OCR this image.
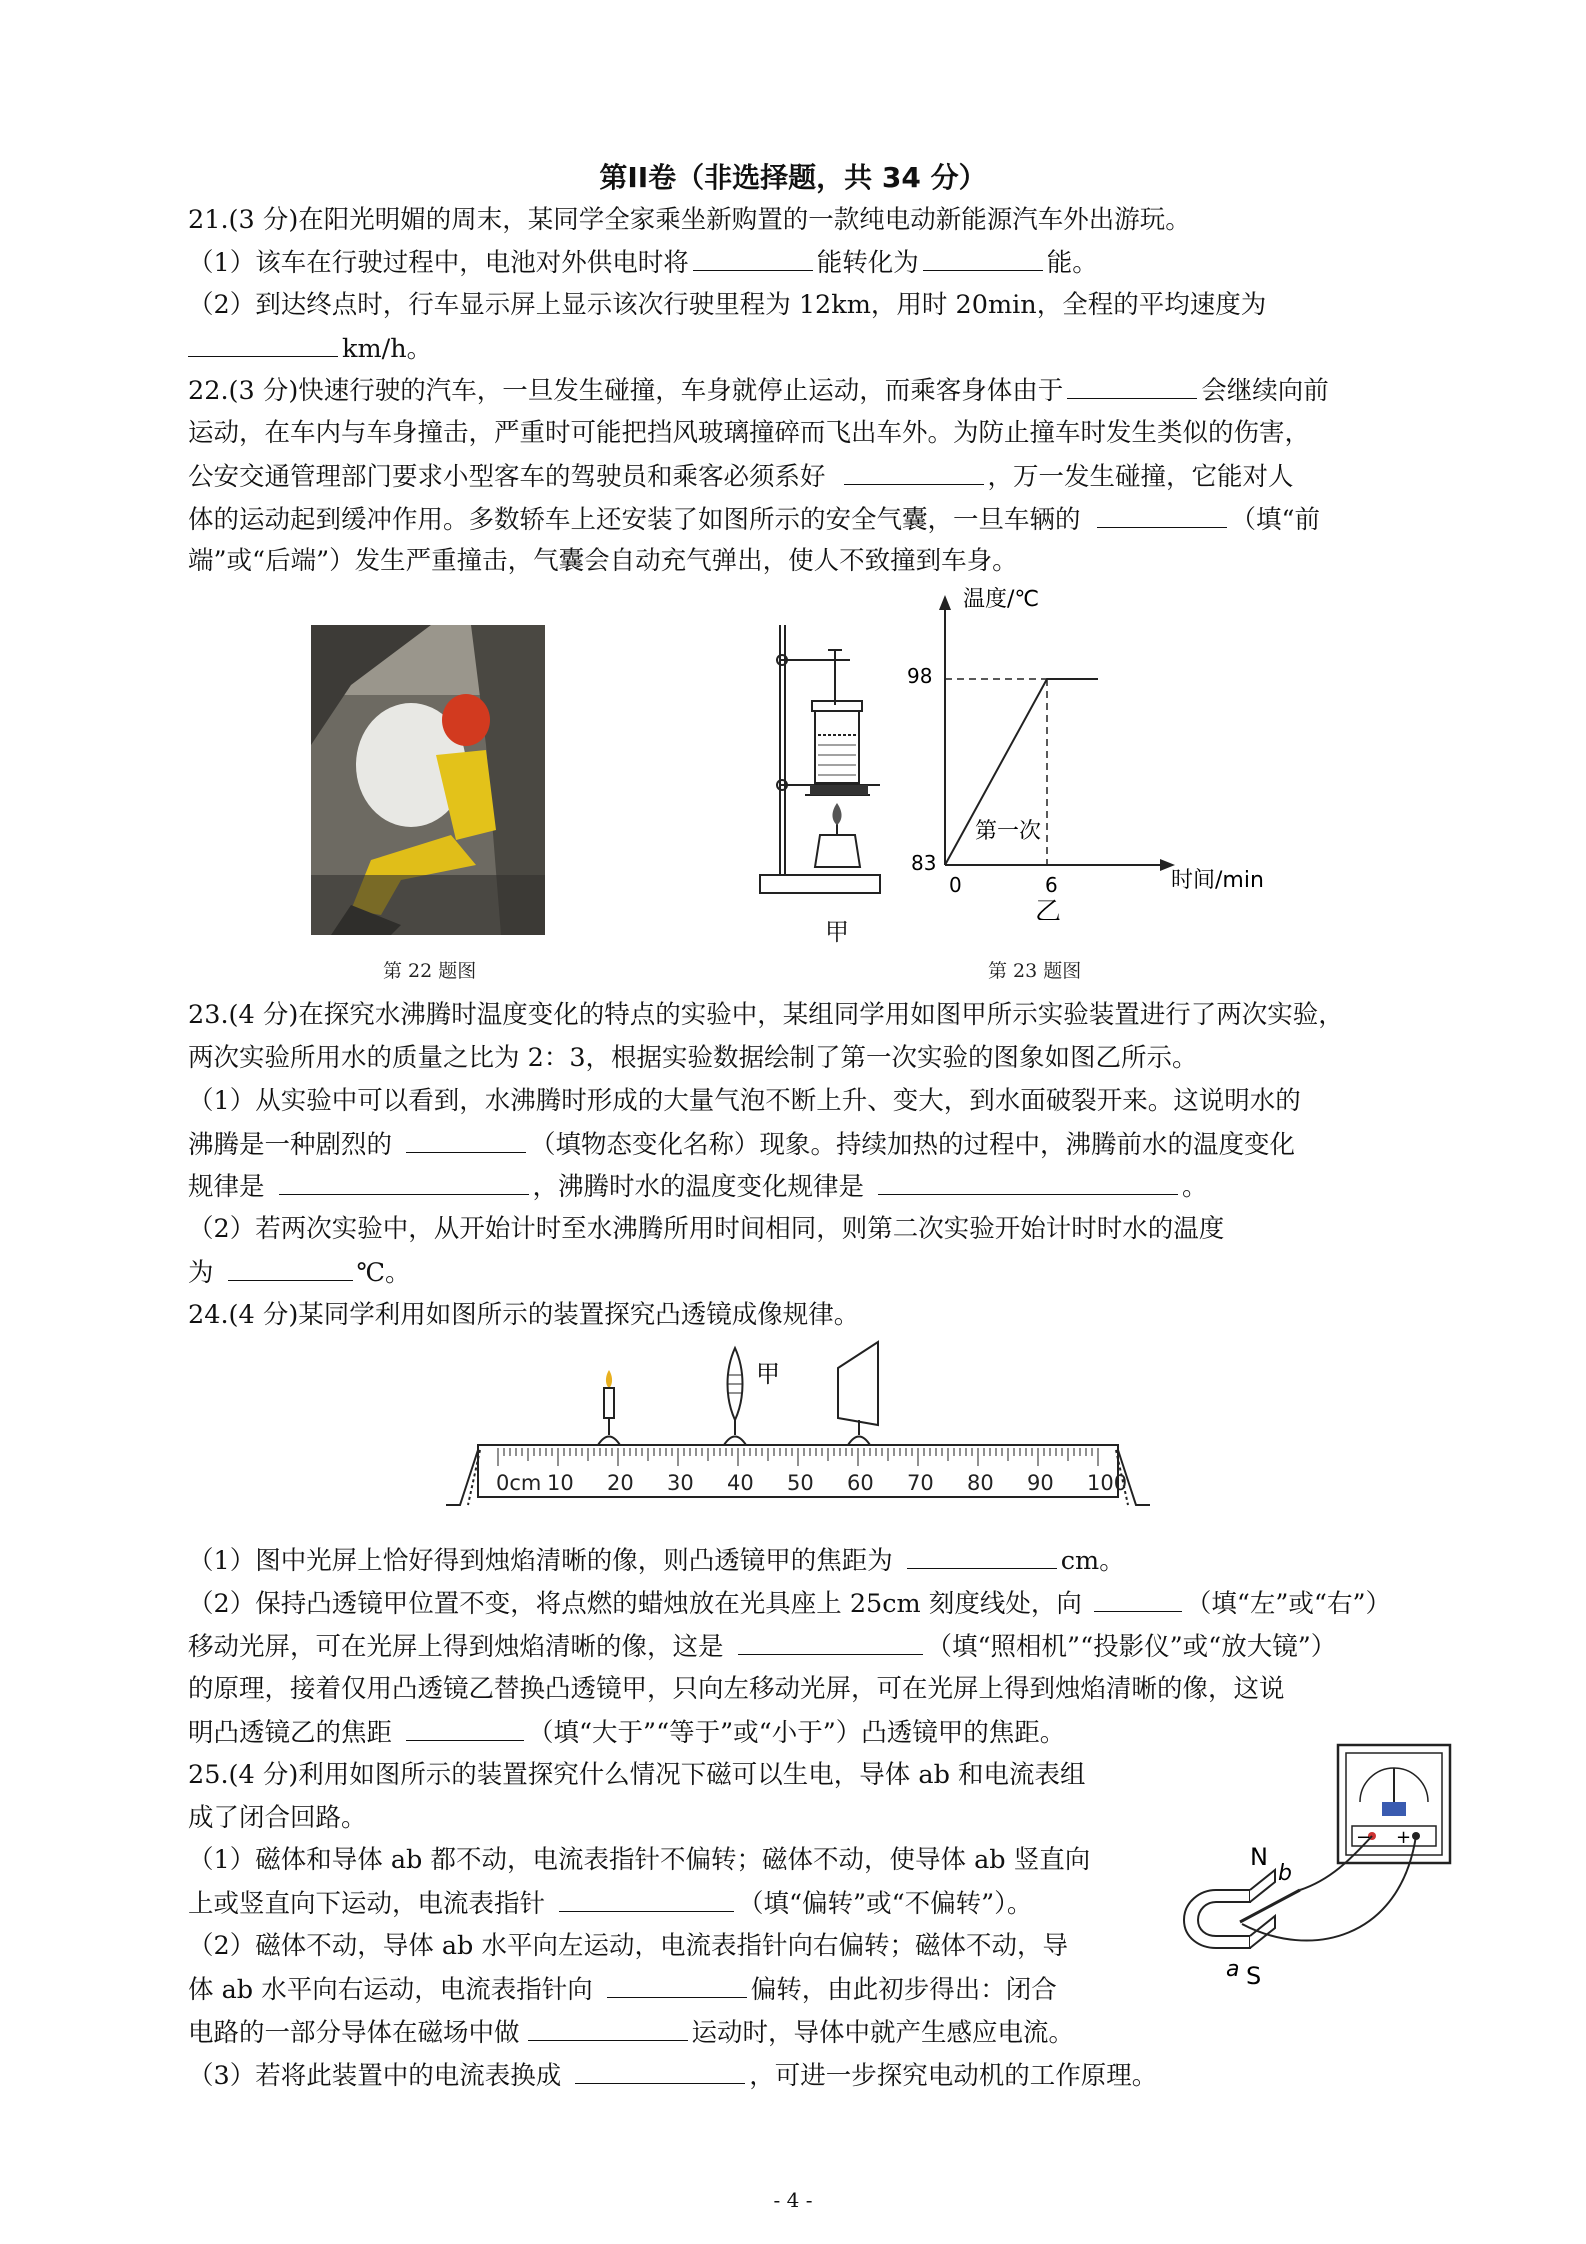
第II卷（非选择题，共 34 分）
21.(3 分)在阳光明媚的周末，某同学全家乘坐新购置的一款纯电动新能源汽车外出游玩。
（1）该车在行驶过程中，电池对外供电时将	能转化为	能。
（2）到达终点时，行车显示屏上显示该次行驶里程为 12km，用时 20min，全程的平均速度为
km/h。
22.(3 分)快速行驶的汽车，一旦发生碰撞，车身就停止运动，而乘客身体由于	会继续向前
运动，在车内与车身撞击，严重时可能把挡风玻璃撞碎而飞出车外。为防止撞车时发生类似的伤害，
公安交通管理部门要求小型客车的驾驶员和乘客必须系好	，万一发生碰撞，它能对人
体的运动起到缓冲作用。多数轿车上还安装了如图所示的安全气囊，一旦车辆的	（填“前
端”或“后端”）发生严重撞击，气囊会自动充气弹出，使人不致撞到车身。
第 22 题图
甲
温度/℃
时间/min
98
83
0	6
第一次
乙
第 23 题图
23.(4 分)在探究水沸腾时温度变化的特点的实验中，某组同学用如图甲所示实验装置进行了两次实验，
两次实验所用水的质量之比为 2：3，根据实验数据绘制了第一次实验的图象如图乙所示。
（1）从实验中可以看到，水沸腾时形成的大量气泡不断上升、变大，到水面破裂开来。这说明水的
沸腾是一种剧烈的	（填物态变化名称）现象。持续加热的过程中，沸腾前水的温度变化
规律是	，沸腾时水的温度变化规律是	。
（2）若两次实验中，从开始计时至水沸腾所用时间相同，则第二次实验开始计时时水的温度
为	℃。
24.(4 分)某同学利用如图所示的装置探究凸透镜成像规律。
0cm 10 20 30 40 50 60 70 80 90 100
甲
（1）图中光屏上恰好得到烛焰清晰的像，则凸透镜甲的焦距为	cm。
（2）保持凸透镜甲位置不变，将点燃的蜡烛放在光具座上 25cm 刻度线处，向	（填“左”或“右”）
移动光屏，可在光屏上得到烛焰清晰的像，这是	（填“照相机”“投影仪”或“放大镜”）
的原理，接着仅用凸透镜乙替换凸透镜甲，只向左移动光屏，可在光屏上得到烛焰清晰的像，这说
明凸透镜乙的焦距	（填“大于”“等于”或“小于”）凸透镜甲的焦距。
25.(4 分)利用如图所示的装置探究什么情况下磁可以生电，导体 ab 和电流表组
成了闭合回路。
（1）磁体和导体 ab 都不动，电流表指针不偏转；磁体不动，使导体 ab 竖直向
上或竖直向下运动，电流表指针	（填“偏转”或“不偏转”）。
（2）磁体不动，导体 ab 水平向左运动，电流表指针向右偏转；磁体不动，导
体 ab 水平向右运动，电流表指针向	偏转，由此初步得出：闭合
电路的一部分导体在磁场中做	运动时，导体中就产生感应电流。
（3）若将此装置中的电流表换成	，可进一步探究电动机的工作原理。
− +
N
b
a S
- 4 -
